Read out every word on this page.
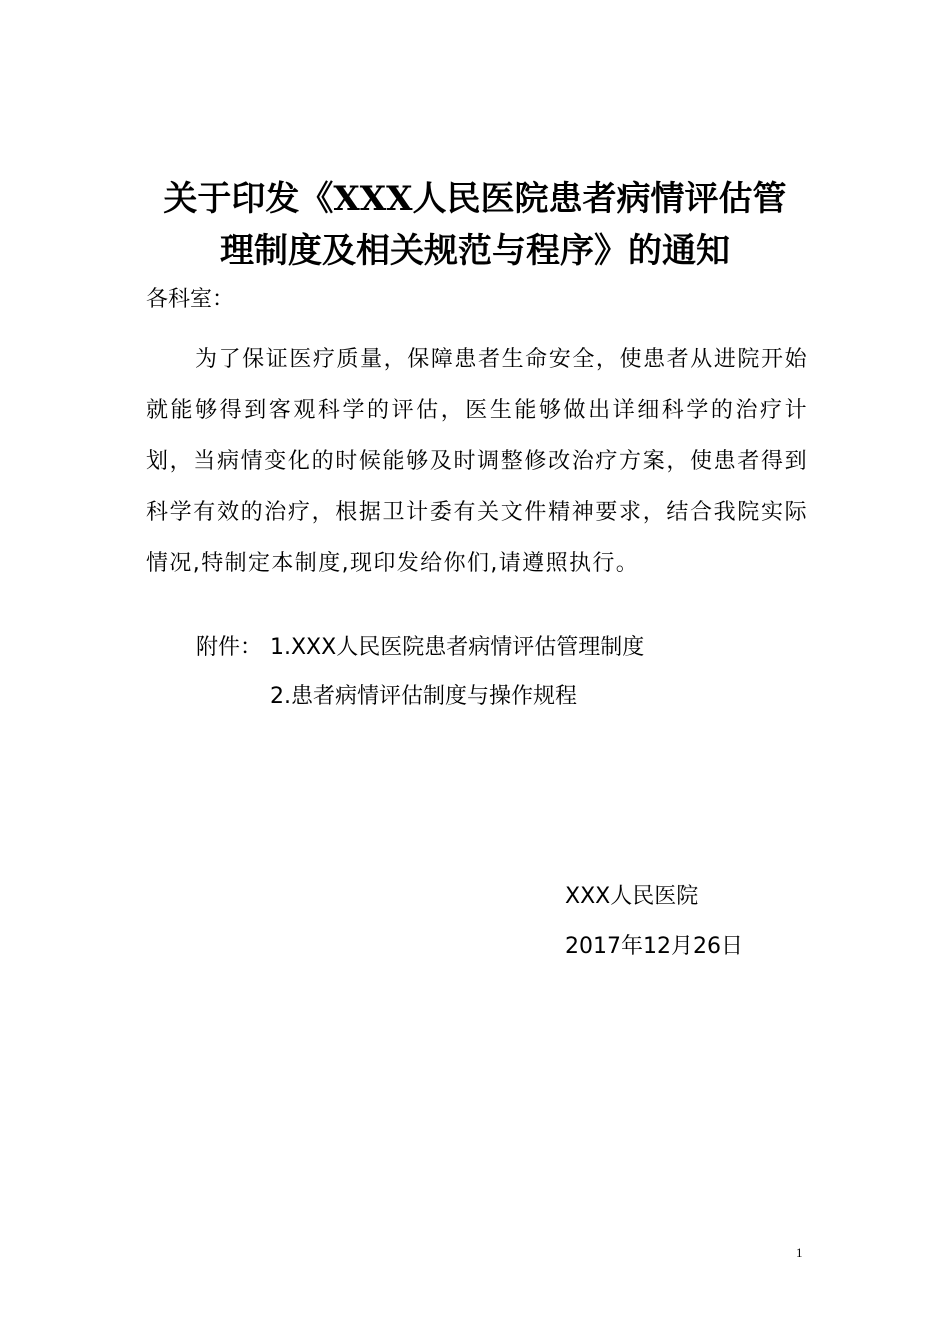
关于印发《XXX人民医院患者病情评估管
理制度及相关规范与程序》的通知

各科室：

为了保证医疗质量，保障患者生命安全，使患者从进院开始就能够得到客观科学的评估，医生能够做出详细科学的治疗计划，当病情变化的时候能够及时调整修改治疗方案，使患者得到科学有效的治疗，根据卫计委有关文件精神要求，结合我院实际情况,特制定本制度,现印发给你们,请遵照执行。

附件： 1.XXX人民医院患者病情评估管理制度

2.患者病情评估制度与操作规程

XXX人民医院

2017年12月26日

1
